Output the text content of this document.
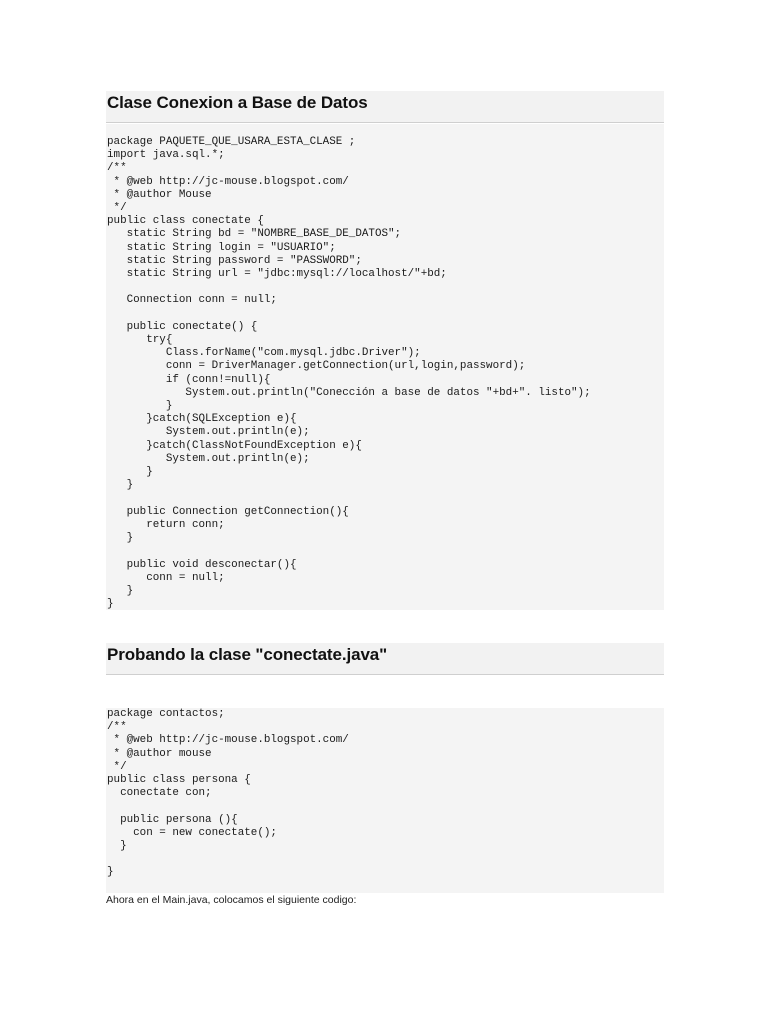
Clase Conexion a Base de Datos
package PAQUETE_QUE_USARA_ESTA_CLASE ;
import java.sql.*;
/**
* @web http://jc-mouse.blogspot.com/
* @author Mouse
*/
public class conectate {
static String bd = "NOMBRE_BASE_DE_DATOS";
static String login = "USUARIO";
static String password = "PASSWORD";
static String url = "jdbc:mysql://localhost/"+bd;

Connection conn = null;

public conectate() {
try{
Class.forName("com.mysql.jdbc.Driver");
conn = DriverManager.getConnection(url,login,password);
if (conn!=null){
System.out.println("Conección a base de datos "+bd+". listo");
}
}catch(SQLException e){
System.out.println(e);
}catch(ClassNotFoundException e){
System.out.println(e);
}
}

public Connection getConnection(){
return conn;
}

public void desconectar(){
conn = null;
}
}
Probando la clase "conectate.java"
package contactos;
/**
* @web http://jc-mouse.blogspot.com/
* @author mouse
*/
public class persona {
conectate con;

public persona (){
con = new conectate();
}

}
Ahora en el Main.java, colocamos el siguiente codigo:
